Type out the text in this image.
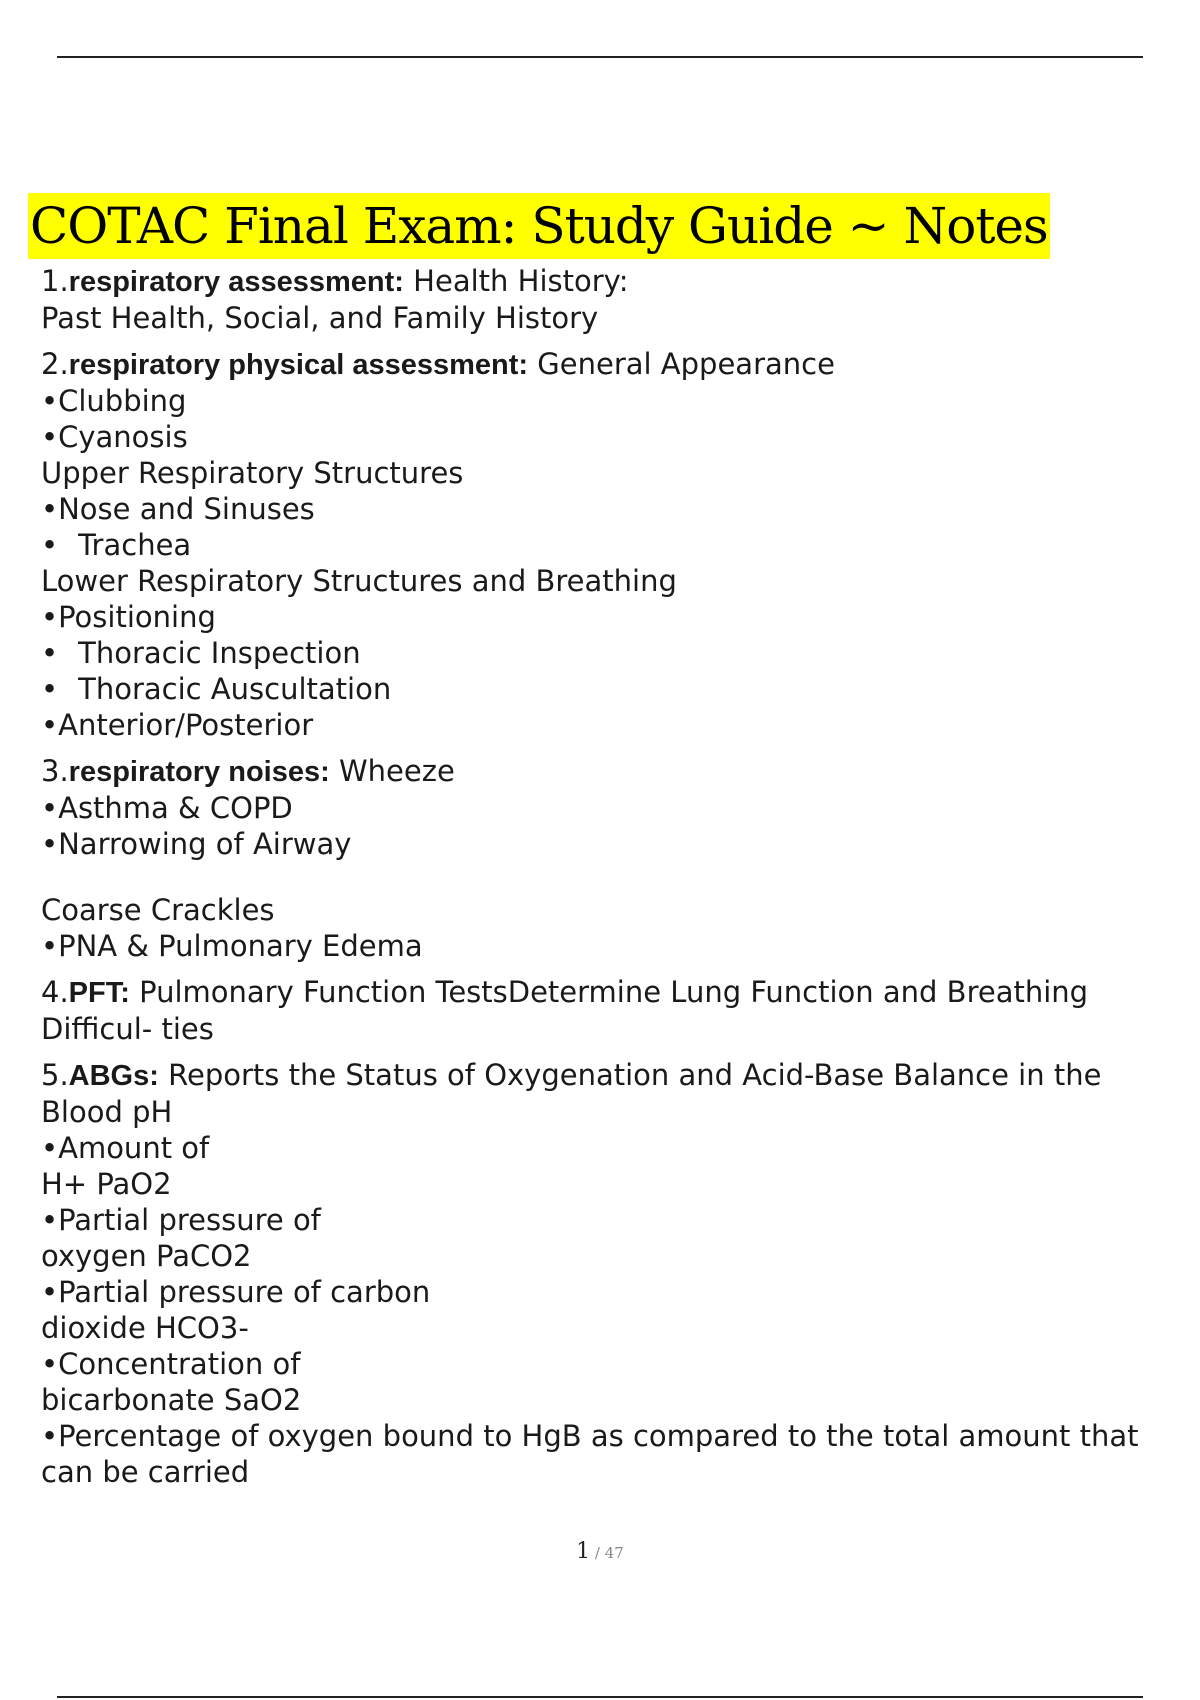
COTAC Final Exam: Study Guide ~ Notes
1.respiratory assessment: Health History:
Past Health, Social, and Family History
2.respiratory physical assessment: General Appearance
•Clubbing
•Cyanosis
Upper Respiratory Structures
•Nose and Sinuses
• Trachea
Lower Respiratory Structures and Breathing
•Positioning
• Thoracic Inspection
• Thoracic Auscultation
•Anterior/Posterior
3.respiratory noises: Wheeze
•Asthma & COPD
•Narrowing of Airway
Coarse Crackles
•PNA & Pulmonary Edema
4.PFT: Pulmonary Function TestsDetermine Lung Function and Breathing Difficul- ties
5.ABGs: Reports the Status of Oxygenation and Acid-Base Balance in the Blood pH
•Amount of
H+ PaO2
•Partial pressure of
oxygen PaCO2
•Partial pressure of carbon
dioxide HCO3-
•Concentration of
bicarbonate SaO2
•Percentage of oxygen bound to HgB as compared to the total amount that can be carried
1 / 47
